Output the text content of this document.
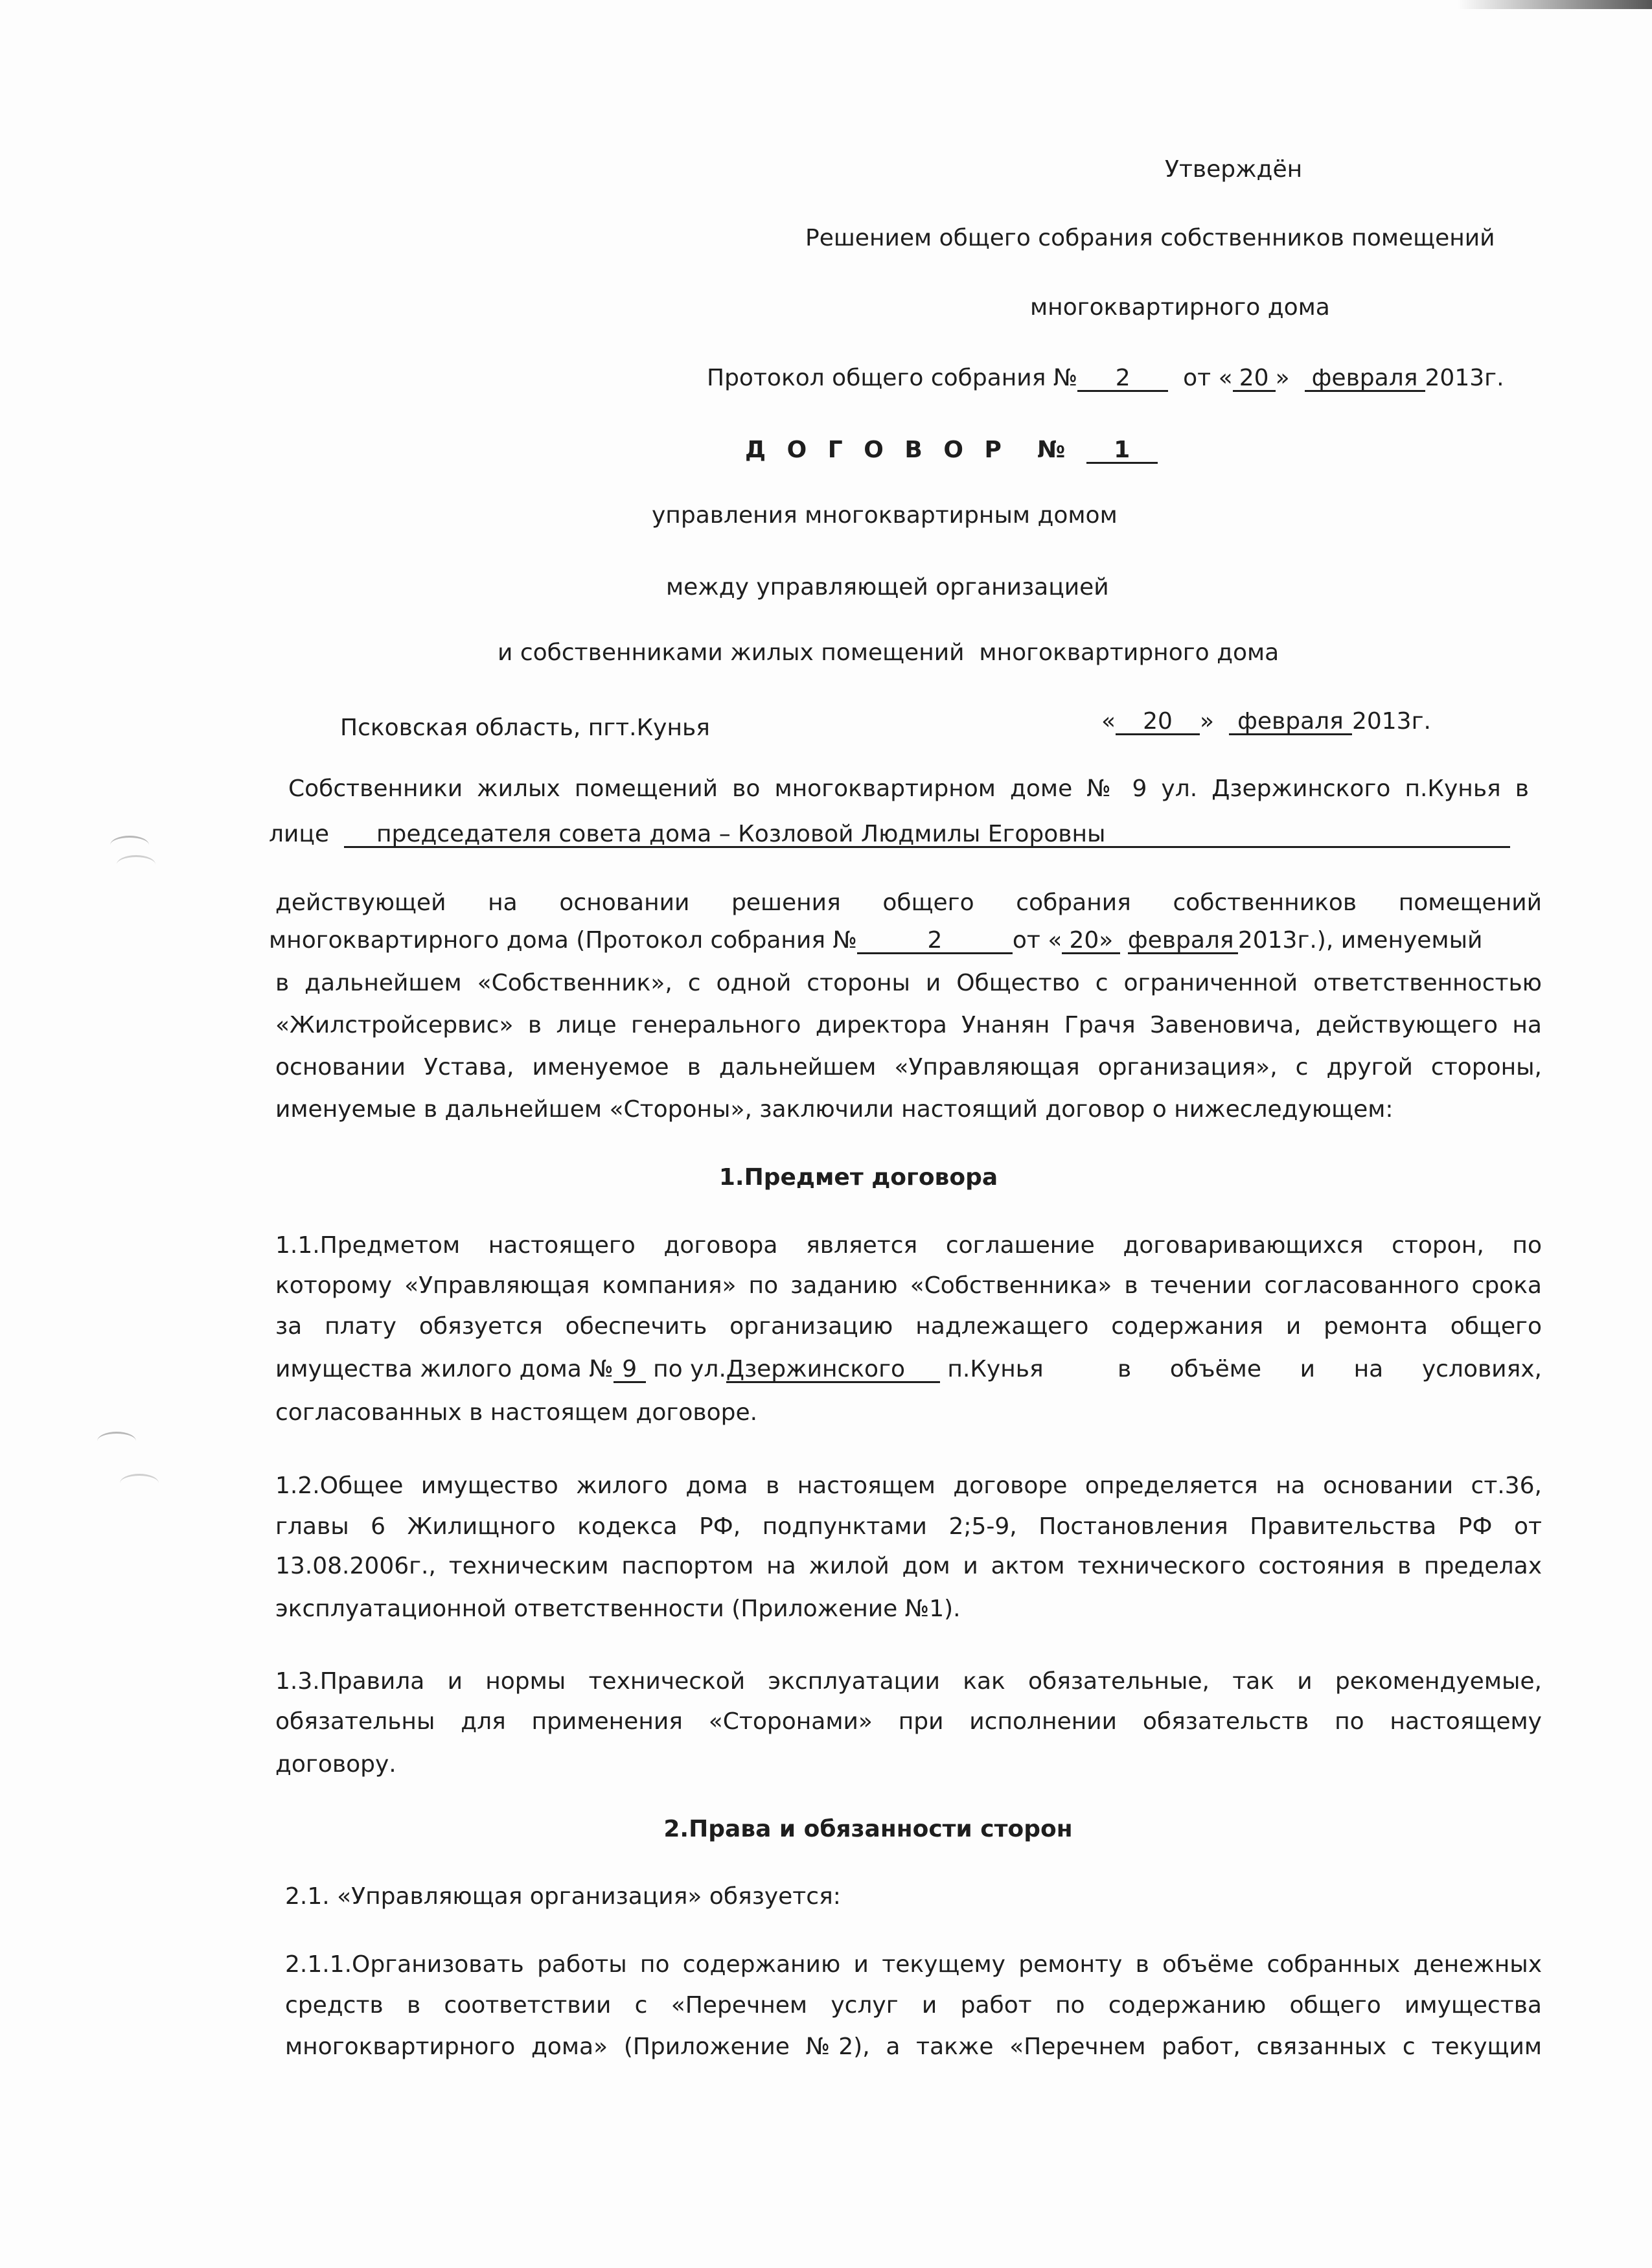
Утверждён
Решением общего собрания собственников помещений
многоквартирного дома
Протокол общего собрания № 2 от « 20 » февраля 2013г.
Д О Г О В О Р  № 1
управления многоквартирным домом
между управляющей организацией
и собственниками жилых помещений  многоквартирного дома
Псковская область, пгт.Кунья	« 20 » февраля 2013г.
Собственники жилых помещений во многоквартирном доме № 9 ул. Дзержинского п.Кунья в
лице председателя совета дома – Козловой Людмилы Егоровны
действующей на основании решения общего собрания собственников помещений
многоквартирного дома (Протокол собрания №	2	от « 20» февраля 2013г.), именуемый
в дальнейшем «Собственник», с одной стороны и Общество с ограниченной ответственностью
«Жилстройсервис» в лице генерального директора Унанян Грачя Завеновича, действующего на
основании Устава, именуемое в дальнейшем «Управляющая организация», с другой стороны,
именуемые в дальнейшем «Стороны», заключили настоящий договор о нижеследующем:
1.Предмет договора
1.1.Предметом настоящего договора является соглашение договаривающихся сторон, по
которому «Управляющая компания» по заданию «Собственника» в течении согласованного срока
за плату обязуется обеспечить организацию надлежащего содержания и ремонта общего
имущества жилого дома № 9 по ул.Дзержинского п.Кунья	в объёме и на условиях,
согласованных в настоящем договоре.
1.2.Общее имущество жилого дома в настоящем договоре определяется на основании ст.36,
главы 6 Жилищного кодекса РФ, подпунктами 2;5-9, Постановления Правительства РФ от
13.08.2006г., техническим паспортом на жилой дом и актом технического состояния в пределах
эксплуатационной ответственности (Приложение №1).
1.3.Правила и нормы технической эксплуатации как обязательные, так и рекомендуемые,
обязательны для применения «Сторонами» при исполнении обязательств по настоящему
договору.
2.Права и обязанности сторон
2.1. «Управляющая организация» обязуется:
2.1.1.Организовать работы по содержанию и текущему ремонту в объёме собранных денежных
средств в соответствии с «Перечнем услуг и работ по содержанию общего имущества
многоквартирного дома» (Приложение №2), а также «Перечнем работ, связанных с текущим
